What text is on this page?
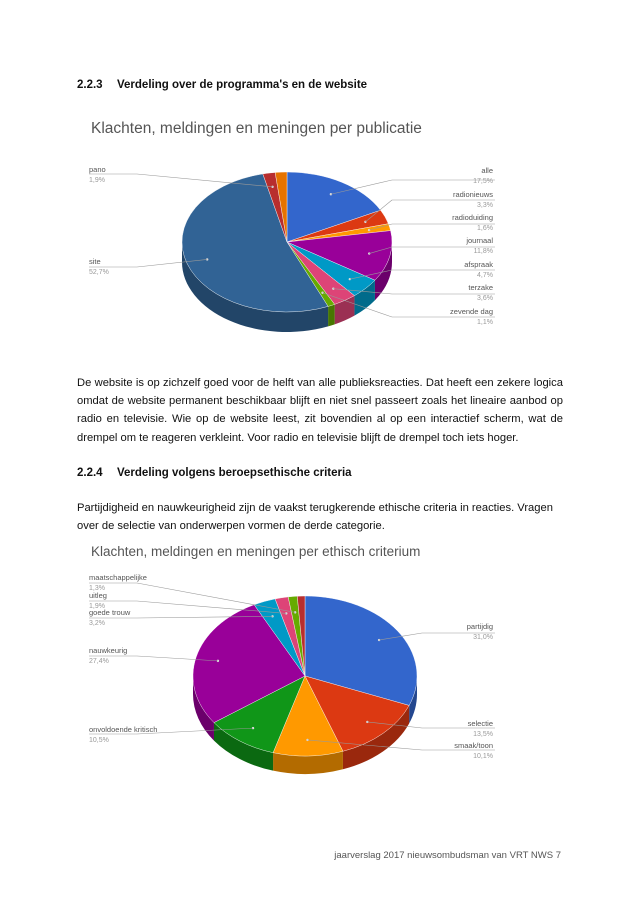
2.2.3 Verdeling over de programma's en de website
Klachten, meldingen en meningen per publicatie
alle
17,5%
radionieuws
3,3%
radioduiding
1,6%
journaal
11,8%
afspraak
4,7%
terzake
3,6%
zevende dag
1,1%
site
52,7%
pano
1,9%
De website is op zichzelf goed voor de helft van alle publieksreacties. Dat heeft een zekere logica omdat de website permanent beschikbaar blijft en niet snel passeert zoals het lineaire aanbod op radio en televisie. Wie op de website leest, zit bovendien al op een interactief scherm, wat de drempel om te reageren verkleint. Voor radio en televisie blijft de drempel toch iets hoger.
2.2.4 Verdeling volgens beroepsethische criteria
Partijdigheid en nauwkeurigheid zijn de vaakst terugkerende ethische criteria in reacties. Vragen over de selectie van onderwerpen vormen de derde categorie.
Klachten, meldingen en meningen per ethisch criterium
partijdig
31,0%
selectie
13,5%
smaak/toon
10,1%
onvoldoende kritisch
10,5%
nauwkeurig
27,4%
goede trouw
3,2%
uitleg
1,9%
maatschappelijke
1,3%
jaarverslag 2017 nieuwsombudsman van VRT NWS 7
